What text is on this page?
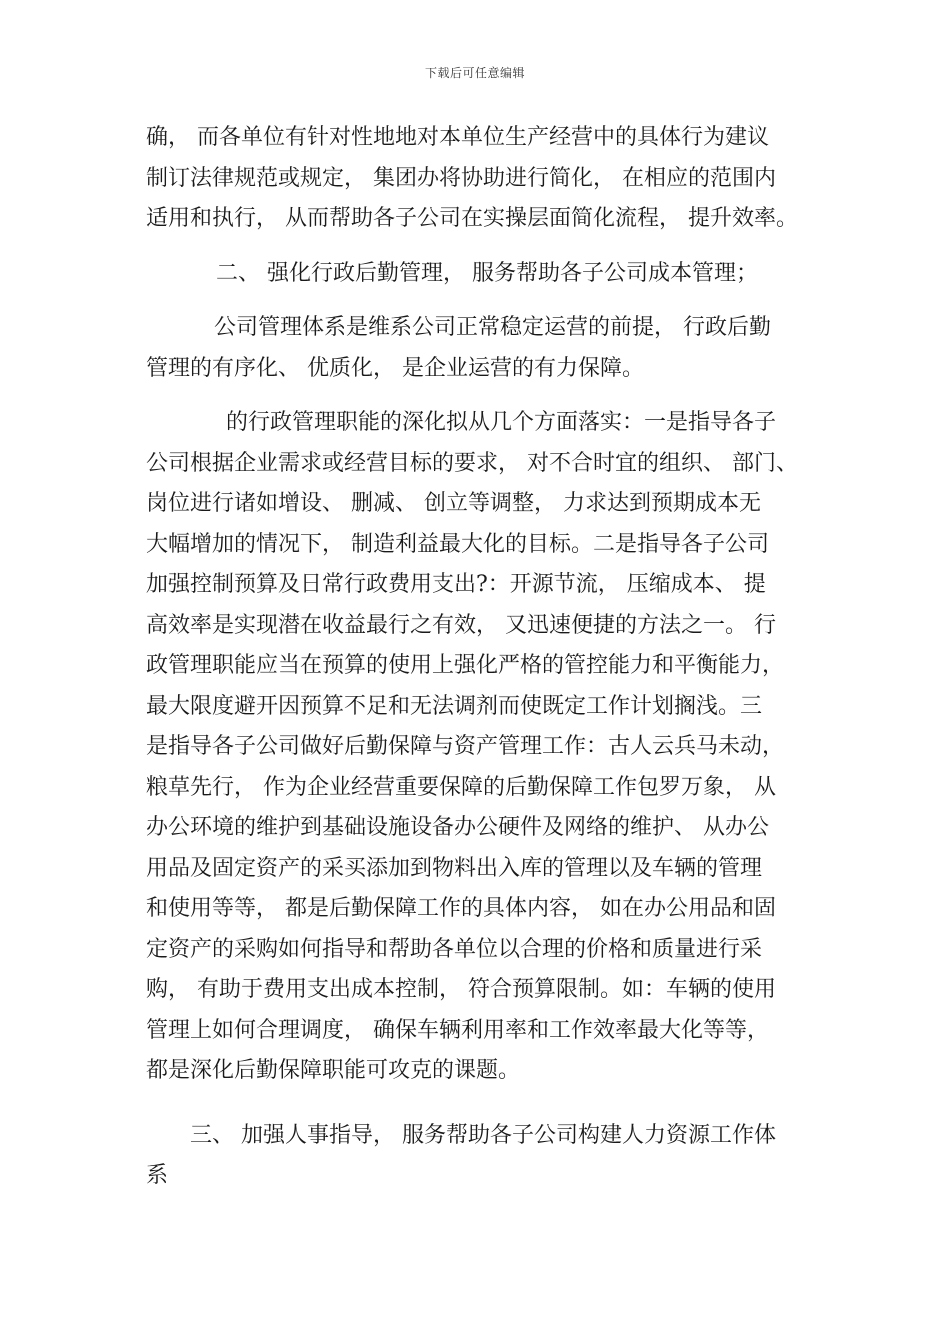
下载后可任意编辑
确， 而各单位有针对性地地对本单位生产经营中的具体行为建议
制订法律规范或规定， 集团办将协助进行简化， 在相应的范围内
适用和执行， 从而帮助各子公司在实操层面简化流程， 提升效率。
二、 强化行政后勤管理， 服务帮助各子公司成本管理；
公司管理体系是维系公司正常稳定运营的前提， 行政后勤
管理的有序化、 优质化， 是企业运营的有力保障。
的行政管理职能的深化拟从几个方面落实：一是指导各子
公司根据企业需求或经营目标的要求， 对不合时宜的组织、 部门、
岗位进行诸如增设、 删减、 创立等调整， 力求达到预期成本无
大幅增加的情况下， 制造利益最大化的目标。二是指导各子公司
加强控制预算及日常行政费用支出?：开源节流， 压缩成本、 提
高效率是实现潜在收益最行之有效， 又迅速便捷的方法之一。 行
政管理职能应当在预算的使用上强化严格的管控能力和平衡能力，
最大限度避开因预算不足和无法调剂而使既定工作计划搁浅。三
是指导各子公司做好后勤保障与资产管理工作：古人云兵马未动，
粮草先行， 作为企业经营重要保障的后勤保障工作包罗万象， 从
办公环境的维护到基础设施设备办公硬件及网络的维护、 从办公
用品及固定资产的采买添加到物料出入库的管理以及车辆的管理
和使用等等， 都是后勤保障工作的具体内容， 如在办公用品和固
定资产的采购如何指导和帮助各单位以合理的价格和质量进行采
购， 有助于费用支出成本控制， 符合预算限制。如：车辆的使用
管理上如何合理调度， 确保车辆利用率和工作效率最大化等等，
都是深化后勤保障职能可攻克的课题。
三、 加强人事指导， 服务帮助各子公司构建人力资源工作体
系
